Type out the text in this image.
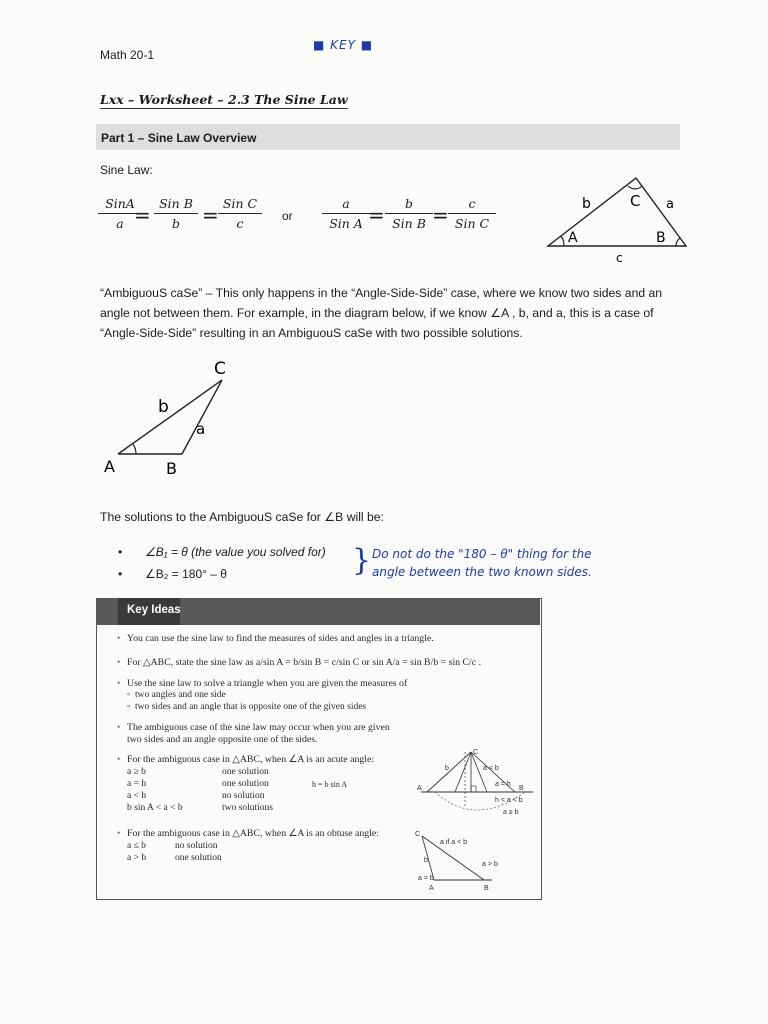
Math 20-1
■ KEY ■
Lxx – Worksheet – 2.3 The Sine Law
Part 1 – Sine Law Overview
Sine Law:
SinA
a = Sin B
b	= Sin C
c	or
a
Sin A =	b
Sin B =	c
Sin C
b	C a
A	B
c
“AmbiguouS caSe” – This only happens in the “Angle-Side-Side” case, where we know two sides and an angle not between them. For example, in the diagram below, if we know ∠A , b, and a, this is a case of “Angle-Side-Side” resulting in an AmbiguouS caSe with two possible solutions.
C
b
a
A	B
The solutions to the AmbiguouS caSe for ∠B will be:
• ∠B₁ = θ (the value you solved for)
• ∠B₂ = 180° – θ	} Do not do the "180 – θ" thing for the
angle between the two known sides.
Key Ideas
• You can use the sine law to find the measures of sides and angles in a triangle.
• For △ABC, state the sine law as a/sin A = b/sin B = c/sin C or sin A/a = sin B/b = sin C/c .
• Use the sine law to solve a triangle when you are given the measures of
◦ two angles and one side
◦ two sides and an angle that is opposite one of the given sides
• The ambiguous case of the sine law may occur when you are given
two sides and an angle opposite one of the sides.
• For the ambiguous case in △ABC, when ∠A is an acute angle:
a ≥ b	one solution
a = h	one solution	h = b sin A
a < h	no solution
b sin A < a < b	two solutions
• For the ambiguous case in △ABC, when ∠A is an obtuse angle:
a ≤ b	no solution
a > b	one solution
C
b	a < b
a = h
h < a < b
a ≥ b
A	B
C
a if a < b
b
a > b
a = b
A	B
